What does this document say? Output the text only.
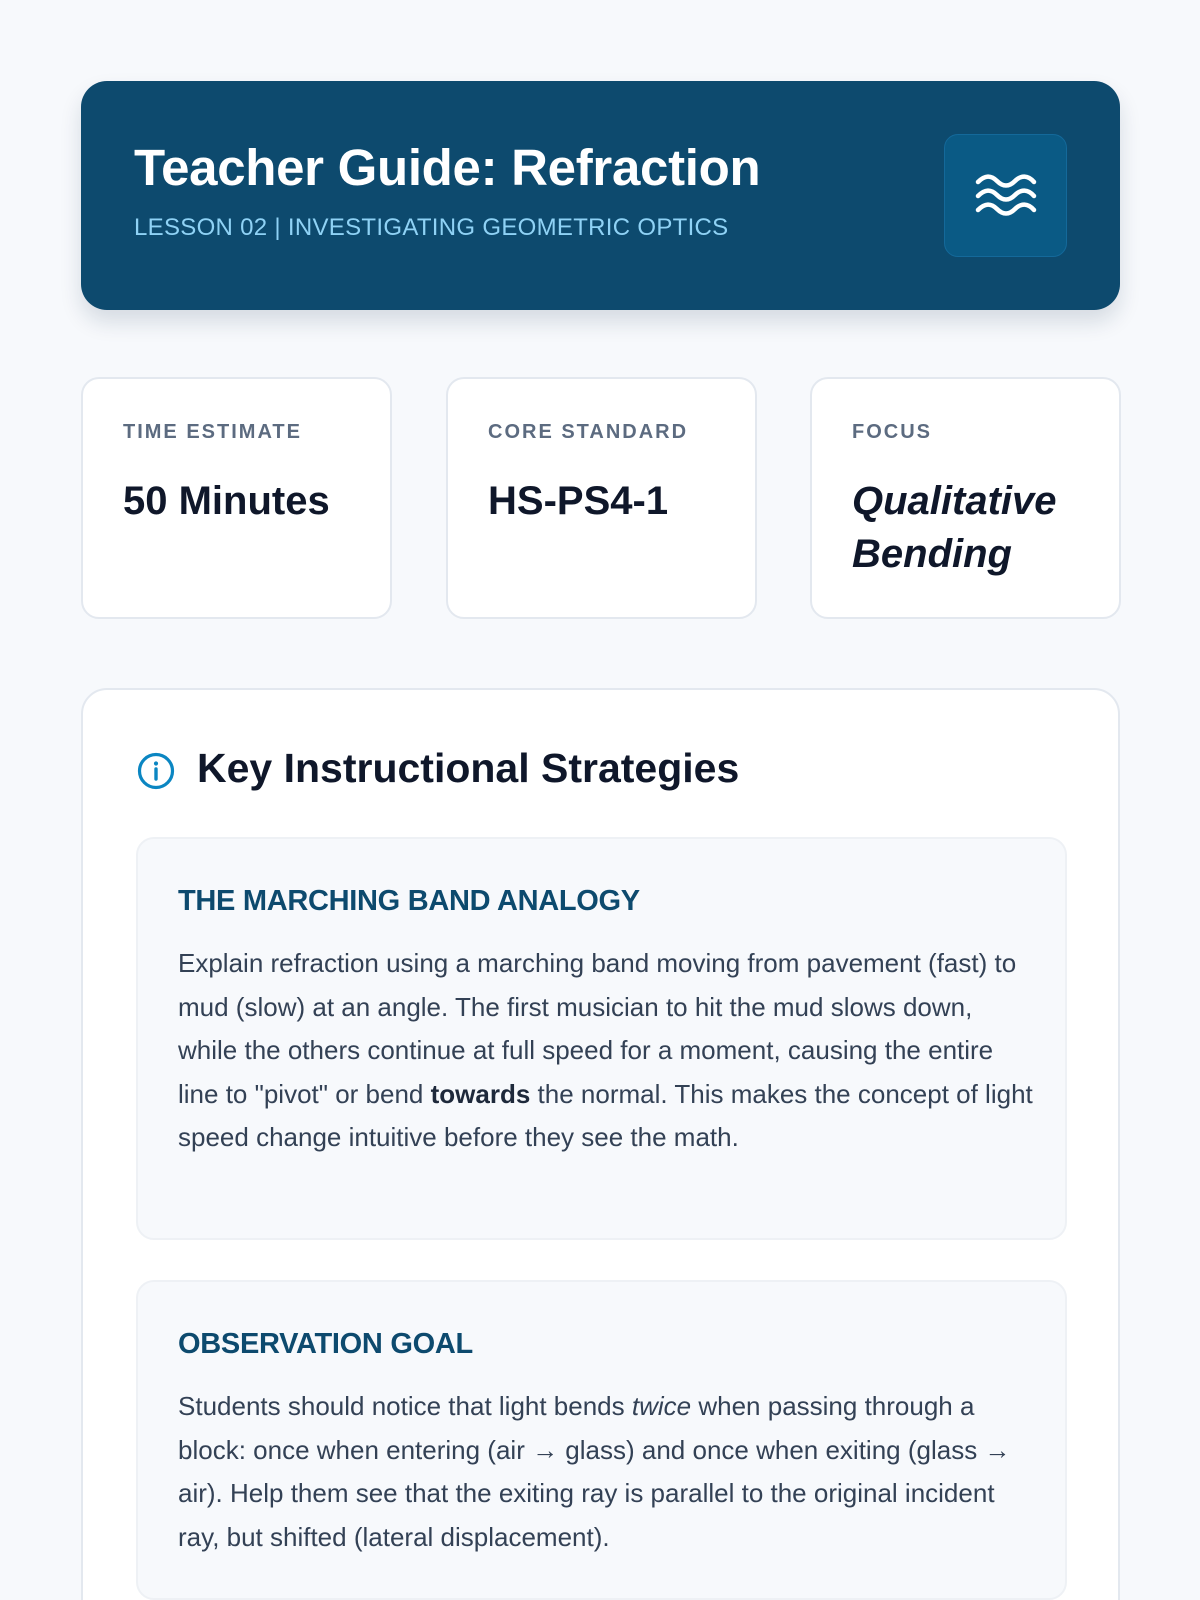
Teacher Guide: Refraction
LESSON 02 | INVESTIGATING GEOMETRIC OPTICS
TIME ESTIMATE
50 Minutes
CORE STANDARD
HS-PS4-1
FOCUS
Qualitative Bending
Key Instructional Strategies
THE MARCHING BAND ANALOGY

Explain refraction using a marching band moving from pavement (fast) to mud (slow) at an angle. The first musician to hit the mud slows down, while the others continue at full speed for a moment, causing the entire line to "pivot" or bend towards the normal. This makes the concept of light speed change intuitive before they see the math.

OBSERVATION GOAL

Students should notice that light bends twice when passing through a block: once when entering (air → glass) and once when exiting (glass → air). Help them see that the exiting ray is parallel to the original incident ray, but shifted (lateral displacement).
